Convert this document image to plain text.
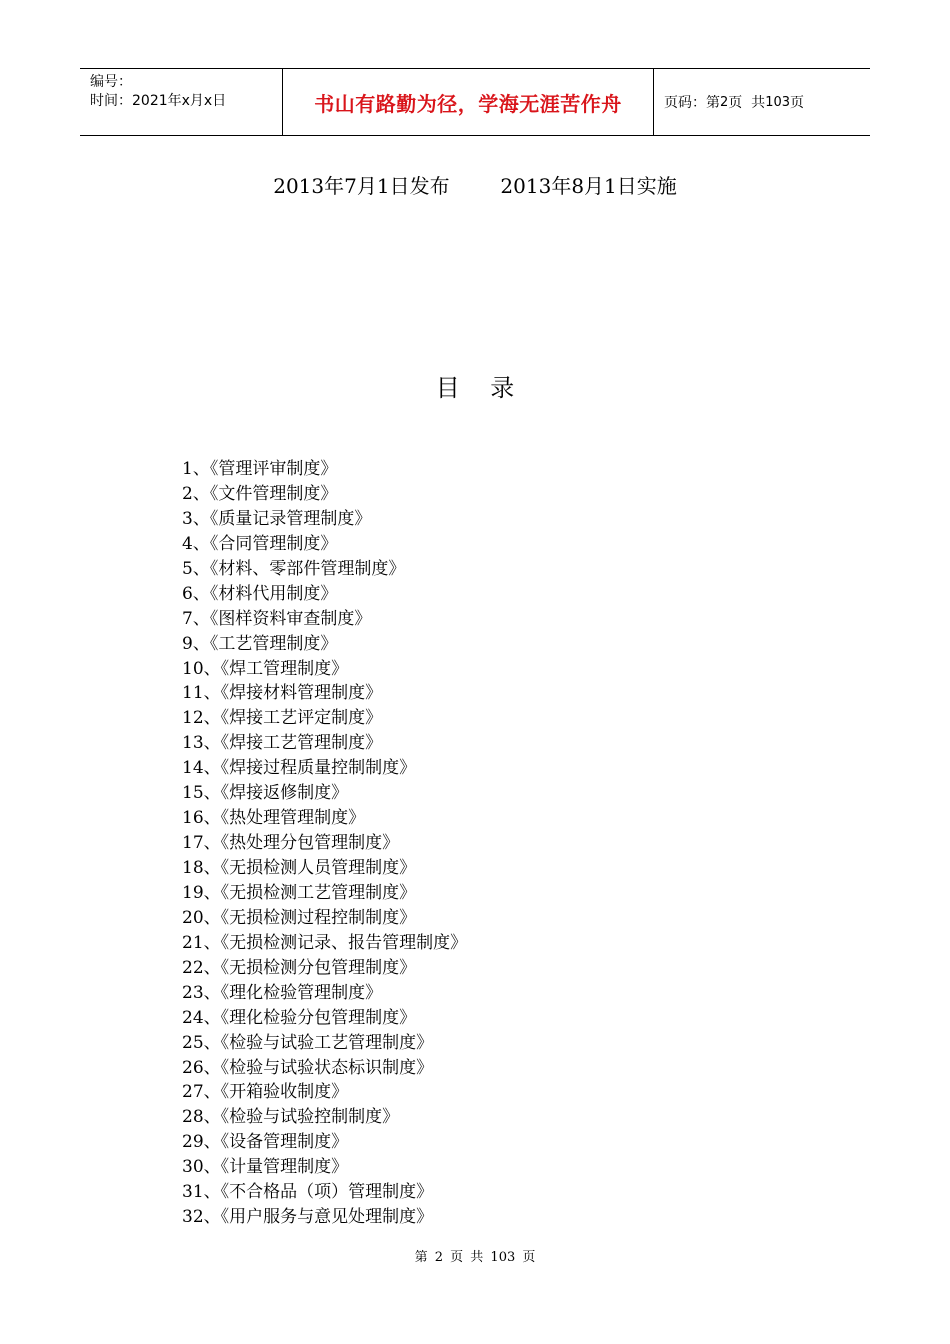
编号：
时间：2021年x月x日	书山有路勤为径，学海无涯苦作舟	页码：第 2 页  共 103 页
2013年7月1日发布        2013年8月1日实施
目    录
1、《管理评审制度》
2、《文件管理制度》
3、《质量记录管理制度》
4、《合同管理制度》
5、《材料、零部件管理制度》
6、《材料代用制度》
7、《图样资料审查制度》
9、《工艺管理制度》
10、《焊工管理制度》
11、《焊接材料管理制度》
12、《焊接工艺评定制度》
13、《焊接工艺管理制度》
14、《焊接过程质量控制制度》
15、《焊接返修制度》
16、《热处理管理制度》
17、《热处理分包管理制度》
18、《无损检测人员管理制度》
19、《无损检测工艺管理制度》
20、《无损检测过程控制制度》
21、《无损检测记录、报告管理制度》
22、《无损检测分包管理制度》
23、《理化检验管理制度》
24、《理化检验分包管理制度》
25、《检验与试验工艺管理制度》
26、《检验与试验状态标识制度》
27、《开箱验收制度》
28、《检验与试验控制制度》
29、《设备管理制度》
30、《计量管理制度》
31、《不合格品（项）管理制度》
32、《用户服务与意见处理制度》
第 2 页 共 103 页
